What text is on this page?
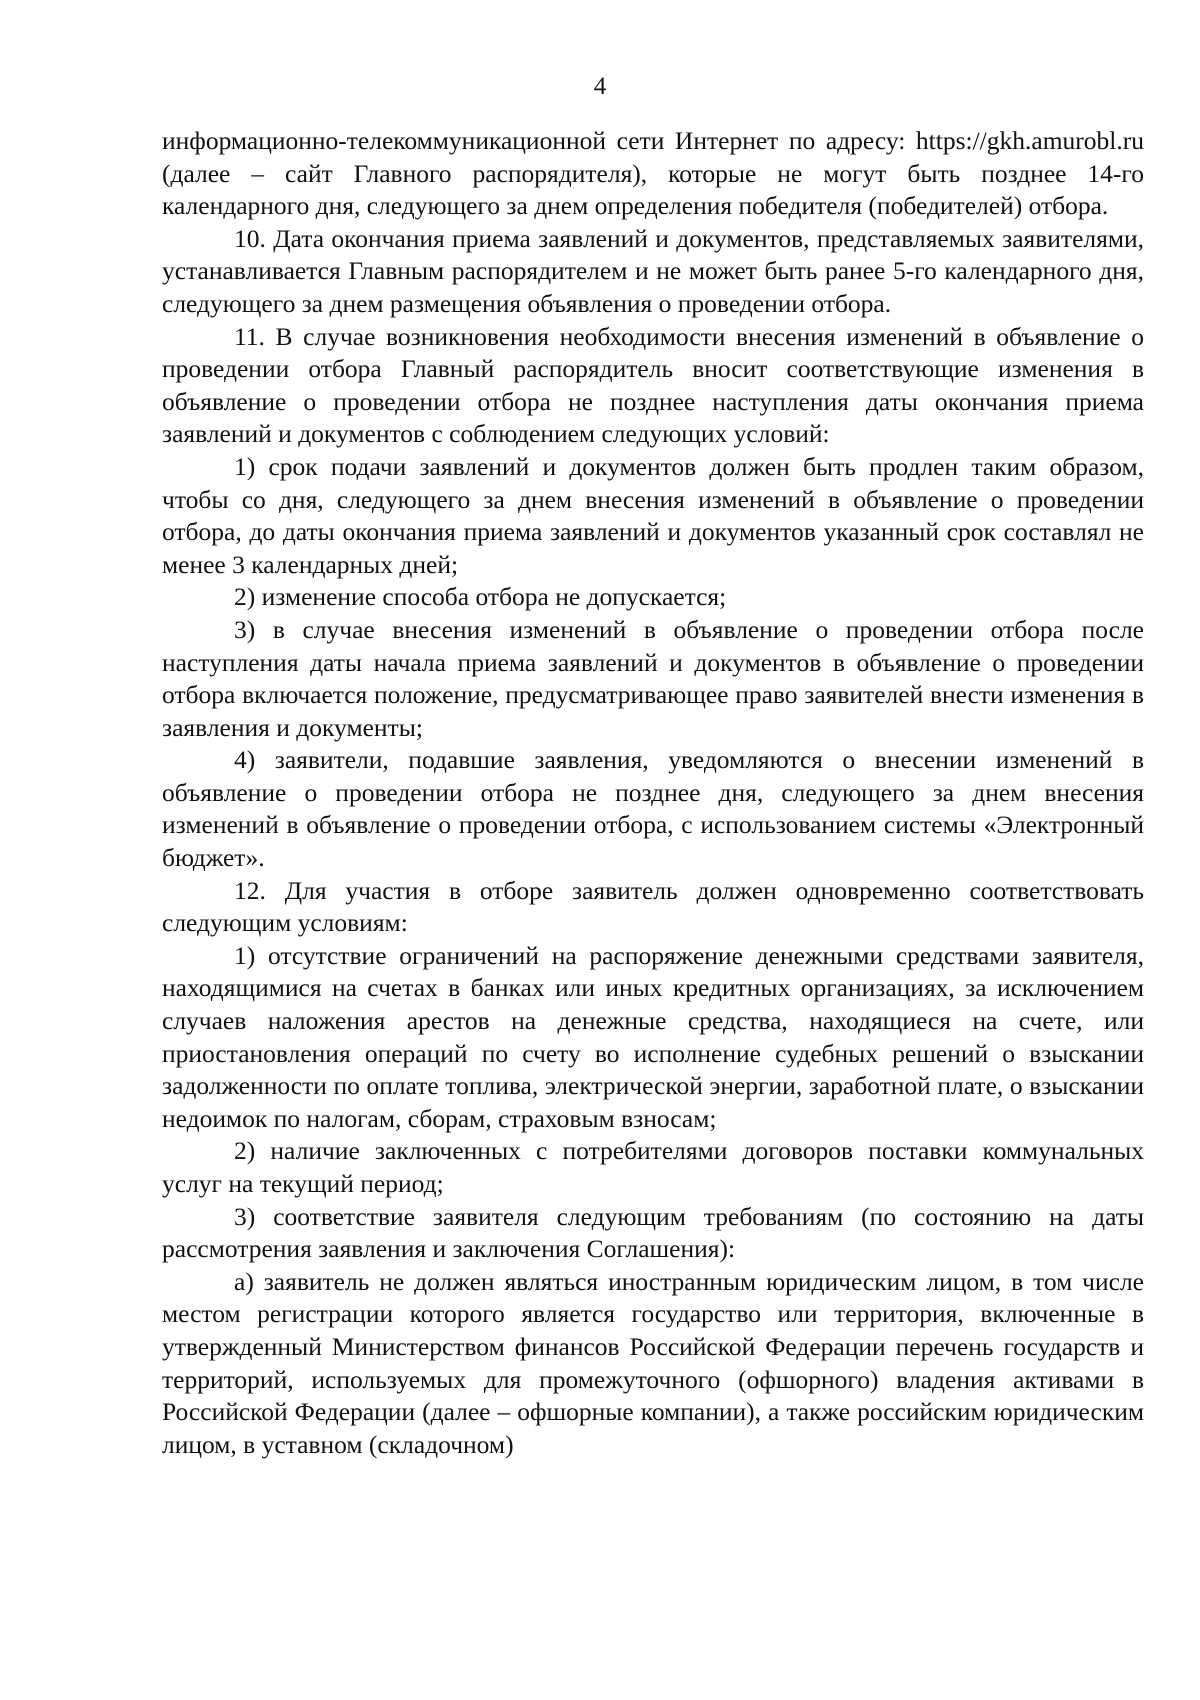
4

информационно-телекоммуникационной сети Интернет по адресу: https://gkh.amurobl.ru (далее – сайт Главного распорядителя), которые не могут быть позднее 14-го календарного дня, следующего за днем определения победителя (победителей) отбора.

10. Дата окончания приема заявлений и документов, представляемых заявителями, устанавливается Главным распорядителем и не может быть ранее 5-го календарного дня, следующего за днем размещения объявления о проведении отбора.

11. В случае возникновения необходимости внесения изменений в объявление о проведении отбора Главный распорядитель вносит соответствующие изменения в объявление о проведении отбора не позднее наступления даты окончания приема заявлений и документов с соблюдением следующих условий:

1) срок подачи заявлений и документов должен быть продлен таким образом, чтобы со дня, следующего за днем внесения изменений в объявление о проведении отбора, до даты окончания приема заявлений и документов указанный срок составлял не менее 3 календарных дней;

2) изменение способа отбора не допускается;

3) в случае внесения изменений в объявление о проведении отбора после наступления даты начала приема заявлений и документов в объявление о проведении отбора включается положение, предусматривающее право заявителей внести изменения в заявления и документы;

4) заявители, подавшие заявления, уведомляются о внесении изменений в объявление о проведении отбора не позднее дня, следующего за днем внесения изменений в объявление о проведении отбора, с использованием системы «Электронный бюджет».

12. Для участия в отборе заявитель должен одновременно соответствовать следующим условиям:

1) отсутствие ограничений на распоряжение денежными средствами заявителя, находящимися на счетах в банках или иных кредитных организациях, за исключением случаев наложения арестов на денежные средства, находящиеся на счете, или приостановления операций по счету во исполнение судебных решений о взыскании задолженности по оплате топлива, электрической энергии, заработной плате, о взыскании недоимок по налогам, сборам, страховым взносам;

2) наличие заключенных с потребителями договоров поставки коммунальных услуг на текущий период;

3) соответствие заявителя следующим требованиям (по состоянию на даты рассмотрения заявления и заключения Соглашения):

а) заявитель не должен являться иностранным юридическим лицом, в том числе местом регистрации которого является государство или территория, включенные в утвержденный Министерством финансов Российской Федерации перечень государств и территорий, используемых для промежуточного (офшорного) владения активами в Российской Федерации (далее – офшорные компании), а также российским юридическим лицом, в уставном (складочном)
